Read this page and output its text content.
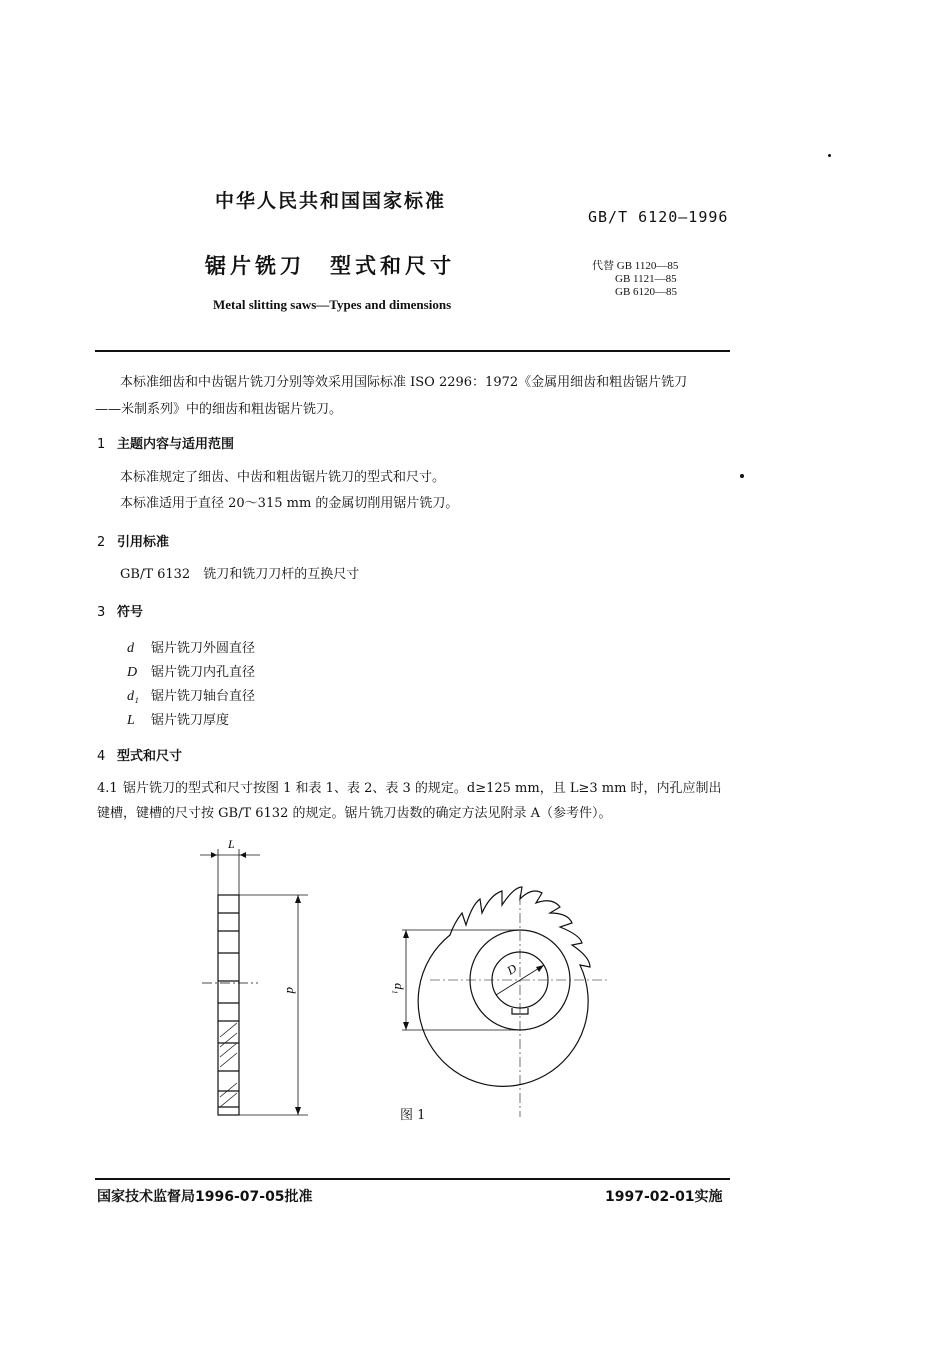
中华人民共和国国家标准
GB/T 6120—1996
锯片铣刀　型式和尺寸	代替 GB 1120—85
GB 1121—85
GB 6120—85
Metal slitting saws—Types and dimensions
本标准细齿和中齿锯片铣刀分别等效采用国际标准 ISO 2296：1972《金属用细齿和粗齿锯片铣刀
——米制系列》中的细齿和粗齿锯片铣刀。
1 主题内容与适用范围
本标准规定了细齿、中齿和粗齿锯片铣刀的型式和尺寸。
本标准适用于直径 20～315 mm 的金属切削用锯片铣刀。
2 引用标准
GB/T 6132　铣刀和铣刀刀杆的互换尺寸
3 符号
d 锯片铣刀外圆直径
D 锯片铣刀内孔直径
d₁ 锯片铣刀轴台直径
L 锯片铣刀厚度
4 型式和尺寸
4.1 锯片铣刀的型式和尺寸按图 1 和表 1、表 2、表 3 的规定。d≥125 mm，且 L≥3 mm 时，内孔应制出
键槽，键槽的尺寸按 GB/T 6132 的规定。锯片铣刀齿数的确定方法见附录 A（参考件）。
L
d	d₁
D
图 1
国家技术监督局1996-07-05批准	1997-02-01实施
